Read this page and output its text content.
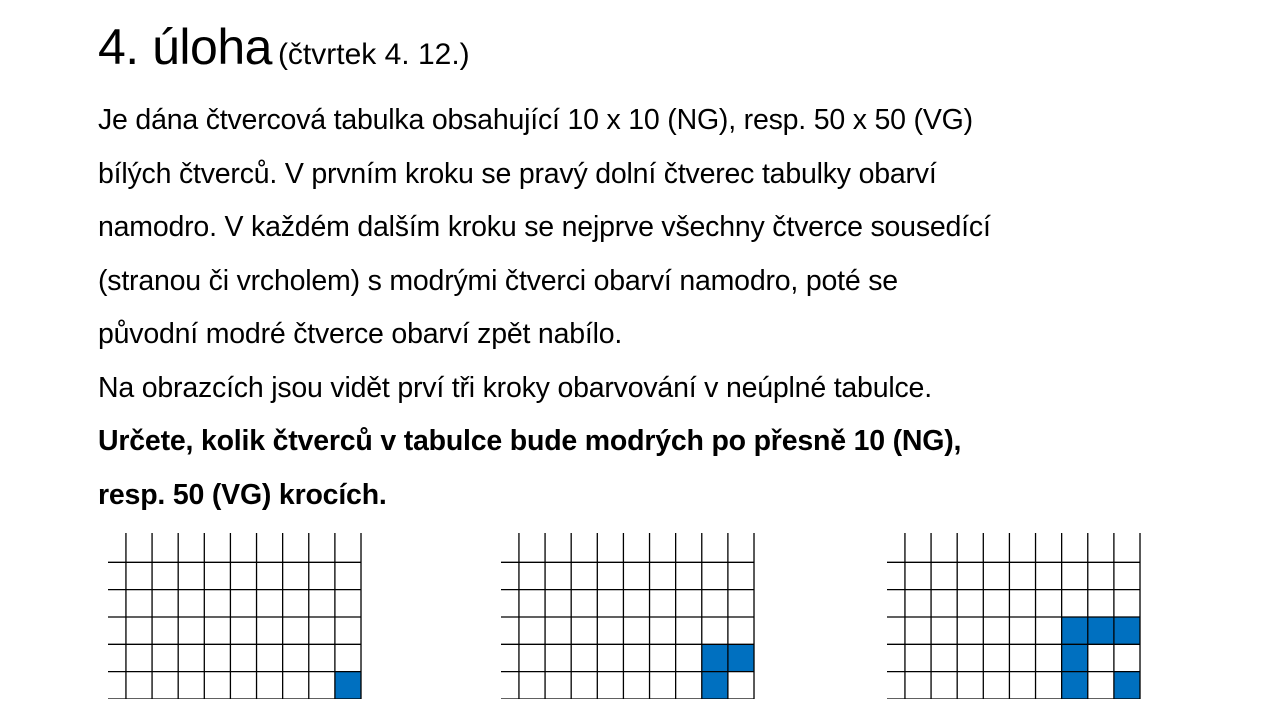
4. úloha (čtvrtek 4. 12.)
Je dána čtvercová tabulka obsahující 10 x 10 (NG), resp. 50 x 50 (VG)
bílých čtverců. V prvním kroku se pravý dolní čtverec tabulky obarví
namodro. V každém dalším kroku se nejprve všechny čtverce sousedící
(stranou či vrcholem) s modrými čtverci obarví namodro, poté se
původní modré čtverce obarví zpět nabílo.
Na obrazcích jsou vidět prví tři kroky obarvování v neúplné tabulce.
Určete, kolik čtverců v tabulce bude modrých po přesně 10 (NG),
resp. 50 (VG) krocích.
